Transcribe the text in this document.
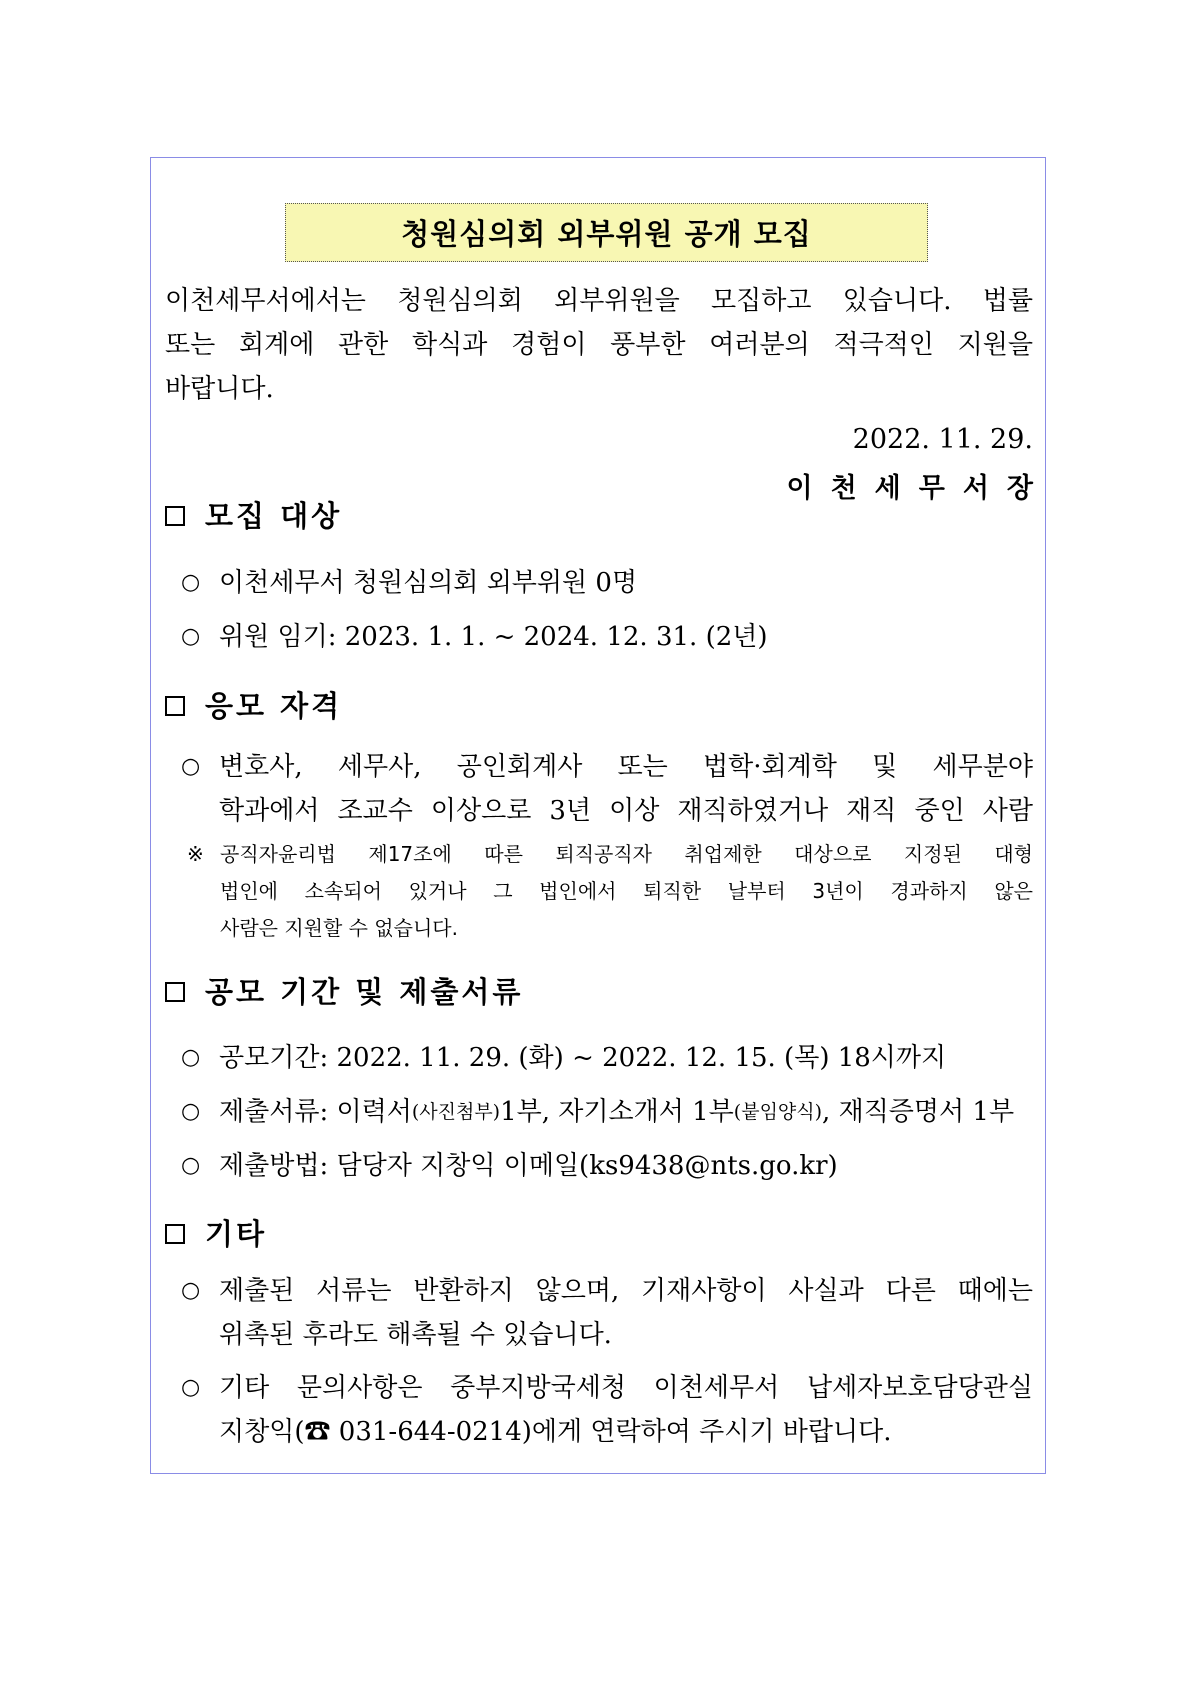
청원심의회 외부위원 공개 모집
이천세무서에서는 청원심의회 외부위원을 모집하고 있습니다. 법률
또는 회계에 관한 학식과 경험이 풍부한 여러분의 적극적인 지원을
바랍니다.
2022. 11. 29.
이천세무서장
모집 대상
○ 이천세무서 청원심의회 외부위원 0명
○ 위원 임기: 2023. 1. 1. ~ 2024. 12. 31. (2년)
응모 자격
○ 변호사, 세무사, 공인회계사 또는 법학·회계학 및 세무분야
학과에서 조교수 이상으로 3년 이상 재직하였거나 재직 중인 사람
※ 공직자윤리법 제17조에 따른 퇴직공직자 취업제한 대상으로 지정된 대형
법인에 소속되어 있거나 그 법인에서 퇴직한 날부터 3년이 경과하지 않은
사람은 지원할 수 없습니다.
공모 기간 및 제출서류
○ 공모기간: 2022. 11. 29. (화) ~ 2022. 12. 15. (목) 18시까지
○ 제출서류: 이력서 (사진첨부) 1부, 자기소개서 1부 (붙임양식) , 재직증명서 1부
○ 제출방법: 담당자 지창익 이메일(ks9438@nts.go.kr)
기타
○ 제출된 서류는 반환하지 않으며, 기재사항이 사실과 다른 때에는
위촉된 후라도 해촉될 수 있습니다.
○ 기타 문의사항은 중부지방국세청 이천세무서 납세자보호담당관실
지창익(☎ 031-644-0214)에게 연락하여 주시기 바랍니다.
